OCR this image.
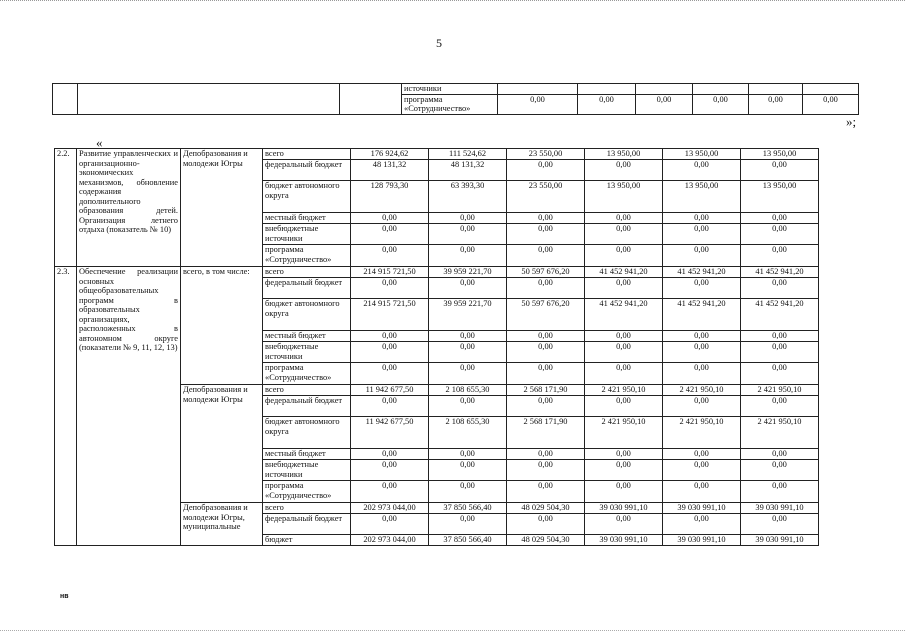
5
			источники						
			программа «Сотрудничество»	0,00	0,00	0,00	0,00	0,00	0,00
»;
«
2.2.	Развитие управленческих и организационно-экономических механизмов, обновление содержания дополнительного образования детей. Организация летнего отдыха (показатель № 10)	Депобразования и молодежи Югры	всего	176 924,62	111 524,62	23 550,00	13 950,00	13 950,00	13 950,00
			федеральный бюджет	48 131,32	48 131,32	0,00	0,00	0,00	0,00
			бюджет автономного округа	128 793,30	63 393,30	23 550,00	13 950,00	13 950,00	13 950,00
			местный бюджет	0,00	0,00	0,00	0,00	0,00	0,00
			внебюджетные источники	0,00	0,00	0,00	0,00	0,00	0,00
			программа «Сотрудничество»	0,00	0,00	0,00	0,00	0,00	0,00
2.3.	Обеспечение реализации основных общеобразовательных программ в образовательных организациях, расположенных в автономном округе (показатели № 9, 11, 12, 13)	всего, в том числе:	всего	214 915 721,50	39 959 221,70	50 597 676,20	41 452 941,20	41 452 941,20	41 452 941,20
			федеральный бюджет	0,00	0,00	0,00	0,00	0,00	0,00
			бюджет автономного округа	214 915 721,50	39 959 221,70	50 597 676,20	41 452 941,20	41 452 941,20	41 452 941,20
			местный бюджет	0,00	0,00	0,00	0,00	0,00	0,00
			внебюджетные источники	0,00	0,00	0,00	0,00	0,00	0,00
			программа «Сотрудничество»	0,00	0,00	0,00	0,00	0,00	0,00
		Депобразования и молодежи Югры	всего	11 942 677,50	2 108 655,30	2 568 171,90	2 421 950,10	2 421 950,10	2 421 950,10
			федеральный бюджет	0,00	0,00	0,00	0,00	0,00	0,00
			бюджет автономного округа	11 942 677,50	2 108 655,30	2 568 171,90	2 421 950,10	2 421 950,10	2 421 950,10
			местный бюджет	0,00	0,00	0,00	0,00	0,00	0,00
			внебюджетные источники	0,00	0,00	0,00	0,00	0,00	0,00
			программа «Сотрудничество»	0,00	0,00	0,00	0,00	0,00	0,00
		Депобразования и молодежи Югры, муниципальные	всего	202 973 044,00	37 850 566,40	48 029 504,30	39 030 991,10	39 030 991,10	39 030 991,10
			федеральный бюджет	0,00	0,00	0,00	0,00	0,00	0,00
			бюджет	202 973 044,00	37 850 566,40	48 029 504,30	39 030 991,10	39 030 991,10	39 030 991,10
нв
